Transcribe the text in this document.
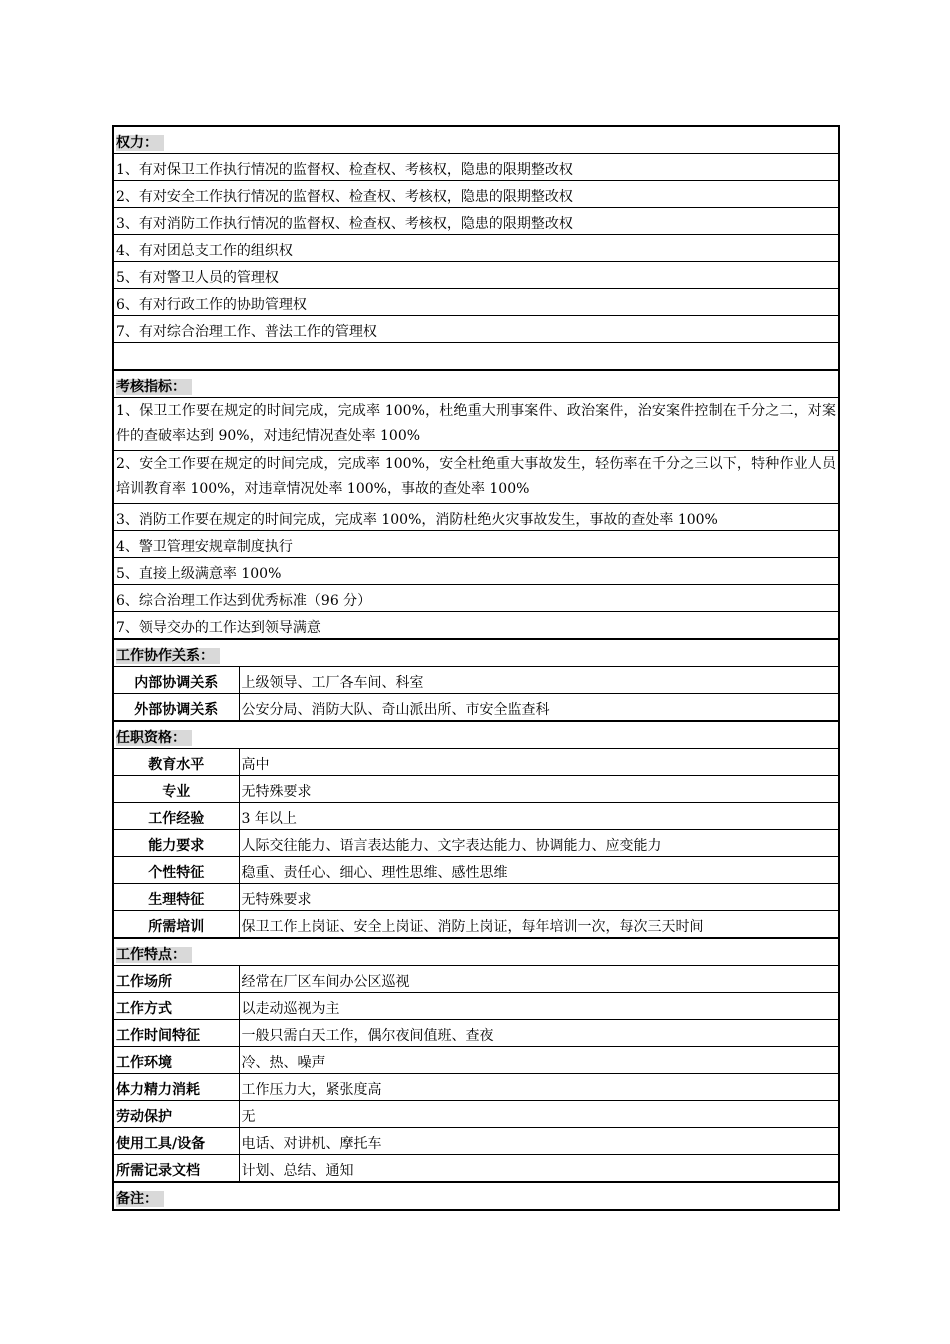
权力：	
1、有对保卫工作执行情况的监督权、检查权、考核权，隐患的限期整改权	
2、有对安全工作执行情况的监督权、检查权、考核权，隐患的限期整改权	
3、有对消防工作执行情况的监督权、检查权、考核权，隐患的限期整改权	
4、有对团总支工作的组织权	
5、有对警卫人员的管理权	
6、有对行政工作的协助管理权	
7、有对综合治理工作、普法工作的管理权	

考核指标：	
1、保卫工作要在规定的时间完成，完成率 100%，杜绝重大刑事案件、政治案件，治安案件控制在千分之二，对案件的查破率达到 90%，对违纪情况查处率 100%	
2、安全工作要在规定的时间完成，完成率 100%，安全杜绝重大事故发生，轻伤率在千分之三以下，特种作业人员培训教育率 100%，对违章情况处率 100%，事故的查处率 100%	
3、消防工作要在规定的时间完成，完成率 100%，消防杜绝火灾事故发生，事故的查处率 100%	
4、警卫管理安规章制度执行	
5、直接上级满意率 100%	
6、综合治理工作达到优秀标准（96 分）	
7、领导交办的工作达到领导满意	
工作协作关系：	
内部协调关系	上级领导、工厂各车间、科室
外部协调关系	公安分局、消防大队、奇山派出所、市安全监查科
任职资格：	
教育水平	高中
专业	无特殊要求
工作经验	3 年以上
能力要求	人际交往能力、语言表达能力、文字表达能力、协调能力、应变能力
个性特征	稳重、责任心、细心、理性思维、感性思维
生理特征	无特殊要求
所需培训	保卫工作上岗证、安全上岗证、消防上岗证，每年培训一次，每次三天时间
工作特点：	
工作场所	经常在厂区车间办公区巡视
工作方式	以走动巡视为主
工作时间特征	一般只需白天工作，偶尔夜间值班、查夜
工作环境	冷、热、噪声
体力精力消耗	工作压力大，紧张度高
劳动保护	无
使用工具/设备	电话、对讲机、摩托车
所需记录文档	计划、总结、通知
备注：	
